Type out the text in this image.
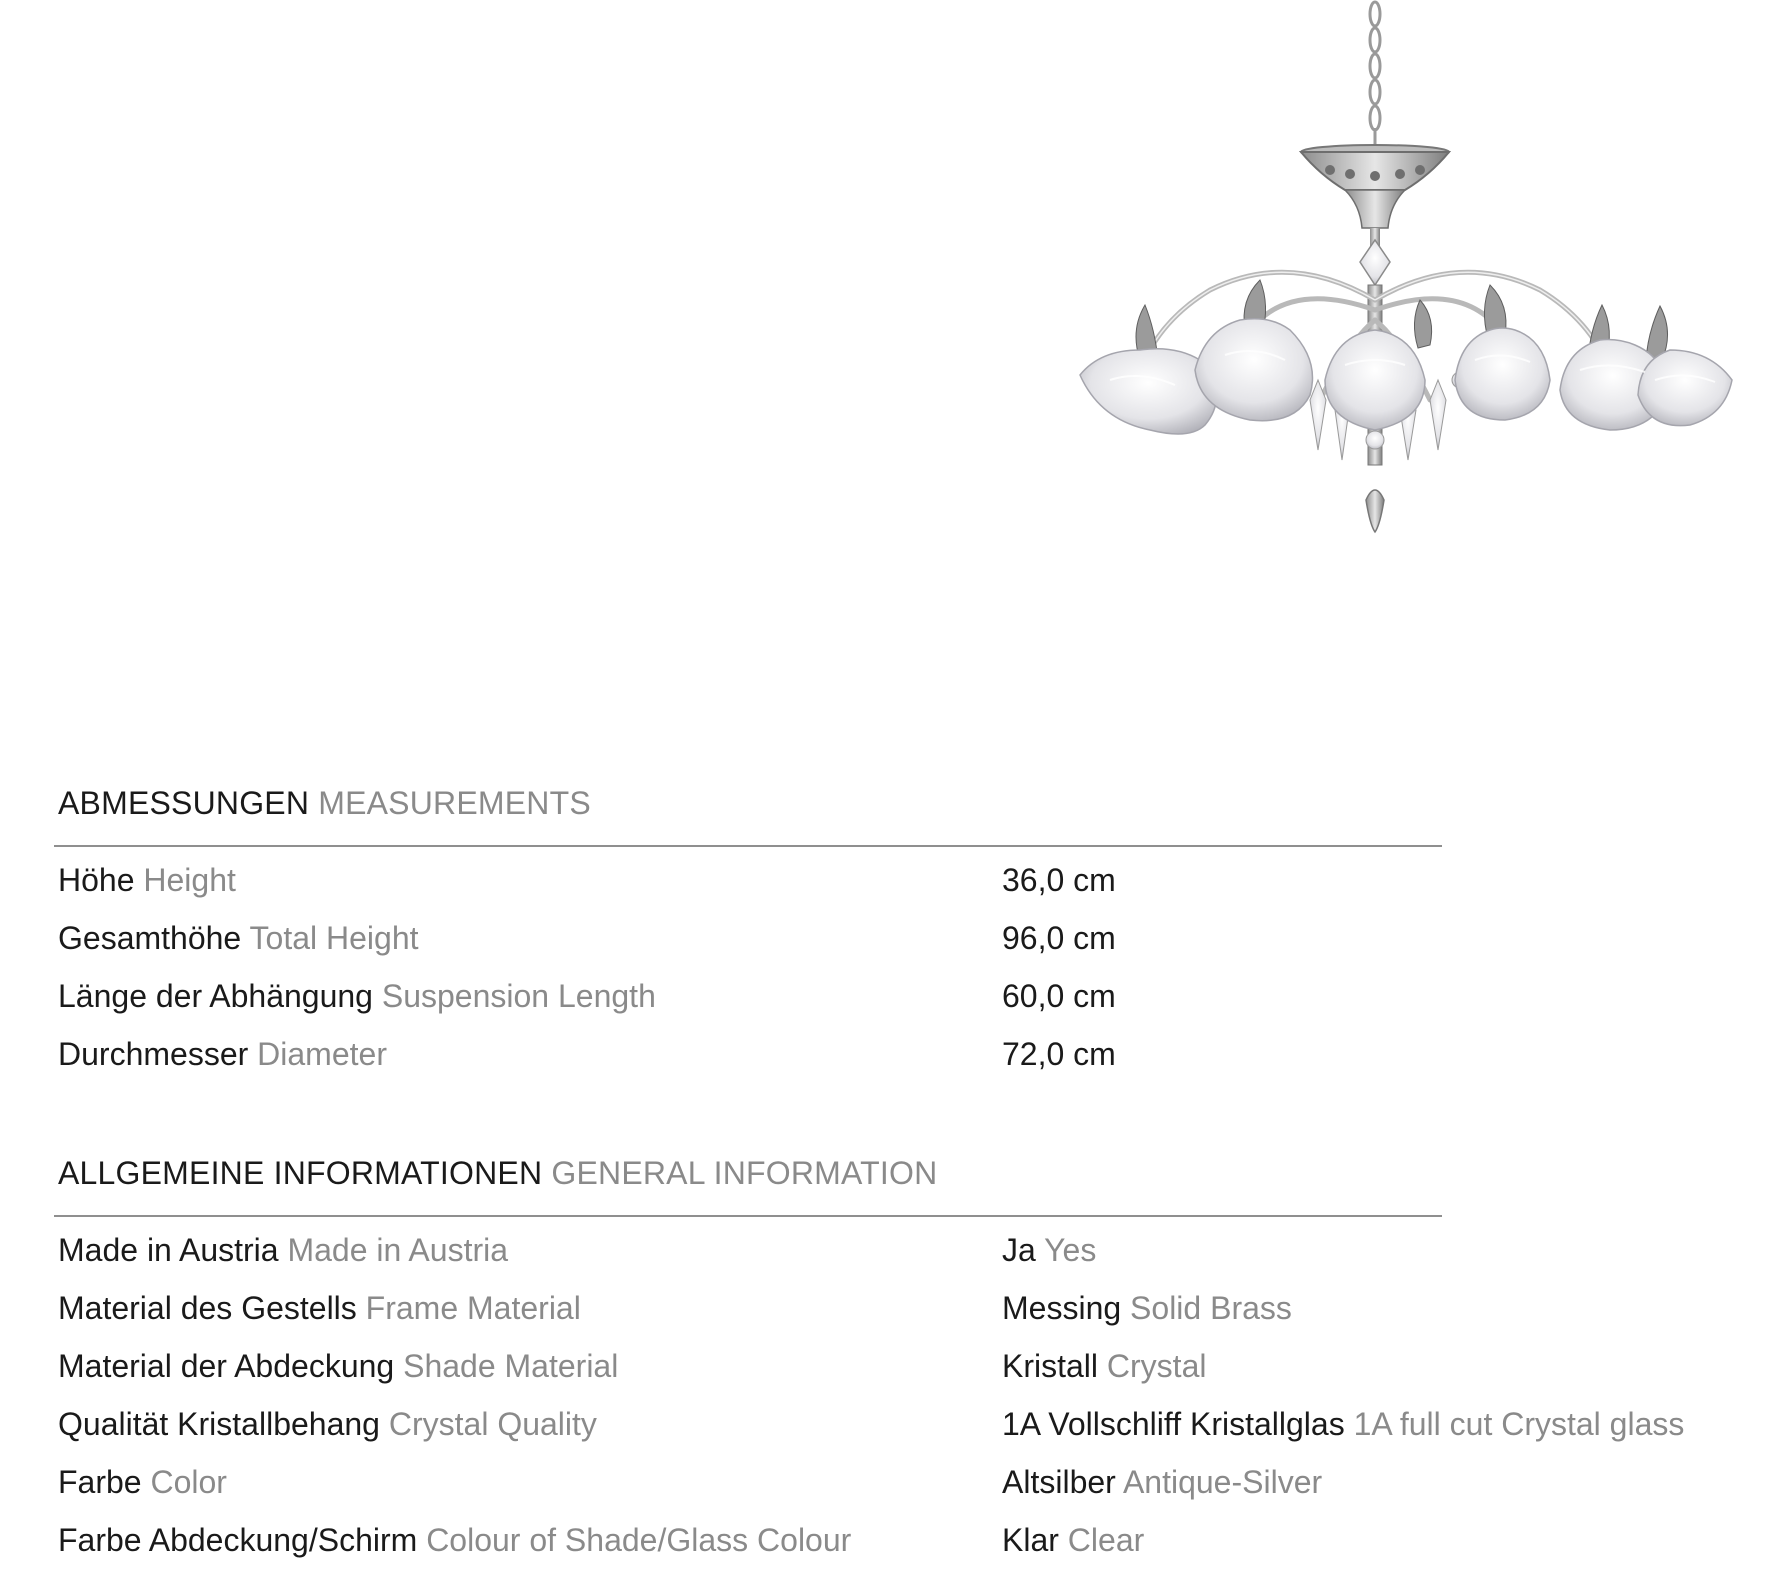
ABMESSUNGEN MEASUREMENTS
Höhe Height	36,0 cm
Gesamthöhe Total Height	96,0 cm
Länge der Abhängung Suspension Length	60,0 cm
Durchmesser Diameter	72,0 cm
ALLGEMEINE INFORMATIONEN GENERAL INFORMATION
Made in Austria Made in Austria	Ja Yes
Material des Gestells Frame Material	Messing Solid Brass
Material der Abdeckung Shade Material	Kristall Crystal
Qualität Kristallbehang Crystal Quality	1A Vollschliff Kristallglas 1A full cut Crystal glass
Farbe Color	Altsilber Antique-Silver
Farbe Abdeckung/Schirm Colour of Shade/Glass Colour	Klar Clear
